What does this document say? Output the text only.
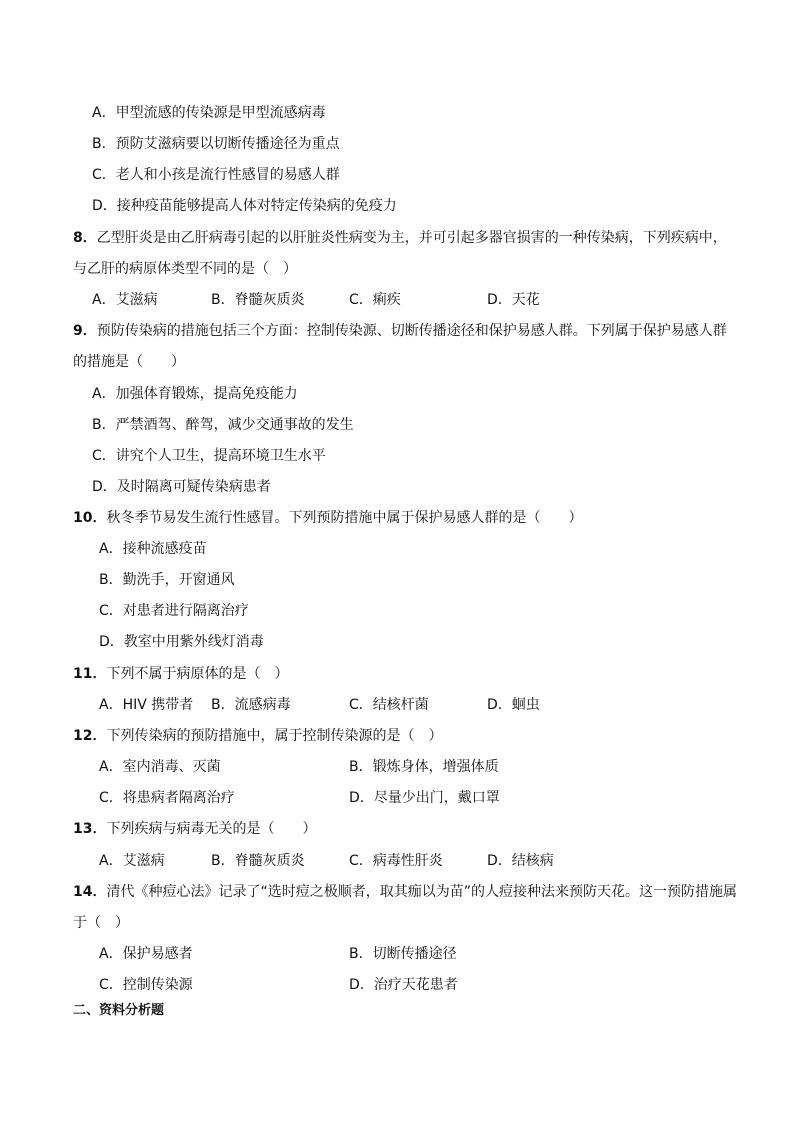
A．甲型流感的传染源是甲型流感病毒
B．预防艾滋病要以切断传播途径为重点
C．老人和小孩是流行性感冒的易感人群
D．接种疫苗能够提高人体对特定传染病的免疫力
8．乙型肝炎是由乙肝病毒引起的以肝脏炎性病变为主，并可引起多器官损害的一种传染病，下列疾病中，
与乙肝的病原体类型不同的是（　）
A．艾滋病	B．脊髓灰质炎	C．痢疾	D．天花
9．预防传染病的措施包括三个方面：控制传染源、切断传播途径和保护易感人群。下列属于保护易感人群
的措施是（　　）
A．加强体育锻炼，提高免疫能力
B．严禁酒驾、醉驾，减少交通事故的发生
C．讲究个人卫生，提高环境卫生水平
D．及时隔离可疑传染病患者
10．秋冬季节易发生流行性感冒。下列预防措施中属于保护易感人群的是（　　）
A．接种流感疫苗
B．勤洗手，开窗通风
C．对患者进行隔离治疗
D．教室中用紫外线灯消毒
11．下列不属于病原体的是（　）
A．HIV 携带者 B．流感病毒	C．结核杆菌	D．蛔虫
12．下列传染病的预防措施中，属于控制传染源的是（　）
A．室内消毒、灭菌	B．锻炼身体，增强体质
C．将患病者隔离治疗	D．尽量少出门，戴口罩
13．下列疾病与病毒无关的是（　　）
A．艾滋病	B．脊髓灰质炎	C．病毒性肝炎	D．结核病
14．清代《种痘心法》记录了“选时痘之极顺者，取其痂以为苗”的人痘接种法来预防天花。这一预防措施属
于（　）
A．保护易感者	B．切断传播途径
C．控制传染源	D．治疗天花患者
二、资料分析题
